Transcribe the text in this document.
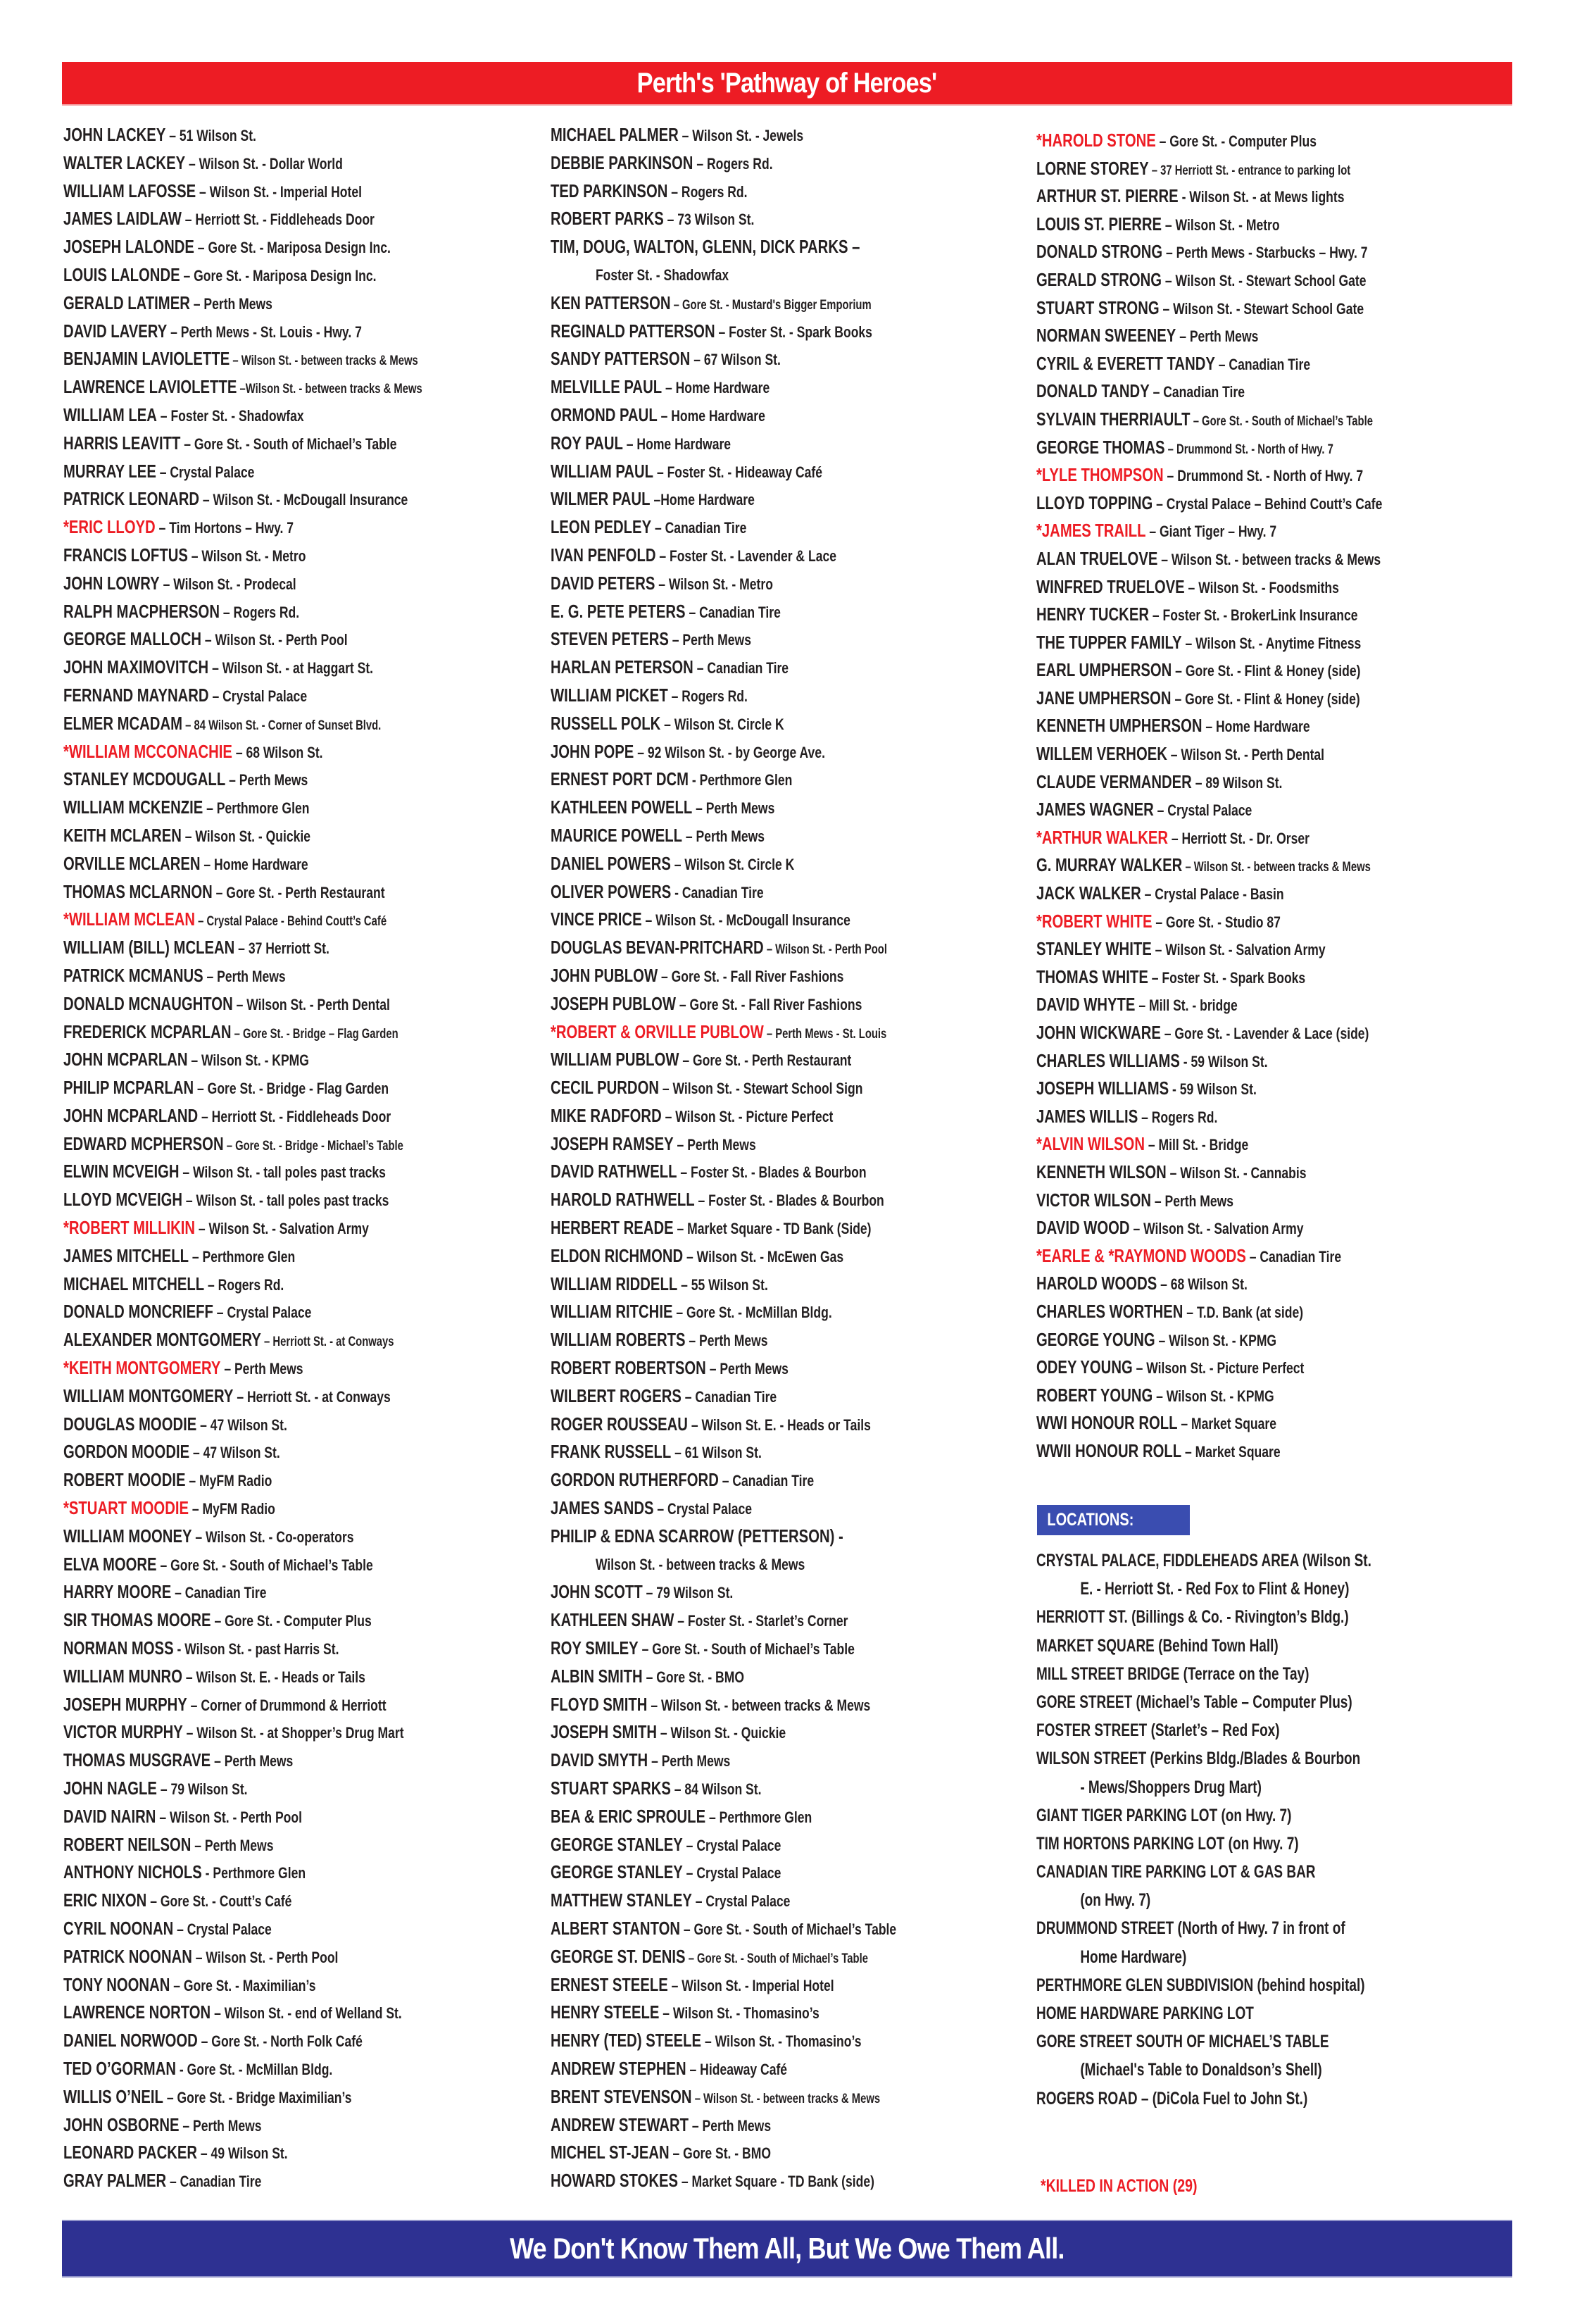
Perth's 'Pathway of Heroes'
JOHN LACKEY – 51 Wilson St.
WALTER LACKEY – Wilson St. - Dollar World
WILLIAM LAFOSSE – Wilson St. - Imperial Hotel
JAMES LAIDLAW – Herriott St. - Fiddleheads Door
JOSEPH LALONDE – Gore St. - Mariposa Design Inc.
LOUIS LALONDE – Gore St. - Mariposa Design Inc.
GERALD LATIMER – Perth Mews
DAVID LAVERY – Perth Mews - St. Louis - Hwy. 7
BENJAMIN LAVIOLETTE – Wilson St. - between tracks & Mews
LAWRENCE LAVIOLETTE –Wilson St. - between tracks & Mews
WILLIAM LEA – Foster St. - Shadowfax
HARRIS LEAVITT – Gore St. - South of Michael’s Table
MURRAY LEE – Crystal Palace
PATRICK LEONARD – Wilson St. - McDougall Insurance
*ERIC LLOYD – Tim Hortons – Hwy. 7
FRANCIS LOFTUS – Wilson St. - Metro
JOHN LOWRY – Wilson St. - Prodecal
RALPH MACPHERSON – Rogers Rd.
GEORGE MALLOCH – Wilson St. - Perth Pool
JOHN MAXIMOVITCH – Wilson St. - at Haggart St.
FERNAND MAYNARD – Crystal Palace
ELMER MCADAM – 84 Wilson St. - Corner of Sunset Blvd.
*WILLIAM MCCONACHIE – 68 Wilson St.
STANLEY MCDOUGALL – Perth Mews
WILLIAM MCKENZIE – Perthmore Glen
KEITH MCLAREN – Wilson St. - Quickie
ORVILLE MCLAREN – Home Hardware
THOMAS MCLARNON – Gore St. - Perth Restaurant
*WILLIAM MCLEAN – Crystal Palace - Behind Coutt’s Café
WILLIAM (BILL) MCLEAN – 37 Herriott St.
PATRICK MCMANUS – Perth Mews
DONALD MCNAUGHTON – Wilson St. - Perth Dental
FREDERICK MCPARLAN – Gore St. - Bridge – Flag Garden
JOHN MCPARLAN – Wilson St. - KPMG
PHILIP MCPARLAN – Gore St. - Bridge - Flag Garden
JOHN MCPARLAND – Herriott St. - Fiddleheads Door
EDWARD MCPHERSON – Gore St. - Bridge - Michael’s Table
ELWIN MCVEIGH – Wilson St. - tall poles past tracks
LLOYD MCVEIGH – Wilson St. - tall poles past tracks
*ROBERT MILLIKIN – Wilson St. - Salvation Army
JAMES MITCHELL – Perthmore Glen
MICHAEL MITCHELL – Rogers Rd.
DONALD MONCRIEFF – Crystal Palace
ALEXANDER MONTGOMERY – Herriott St. - at Conways
*KEITH MONTGOMERY – Perth Mews
WILLIAM MONTGOMERY – Herriott St. - at Conways
DOUGLAS MOODIE – 47 Wilson St.
GORDON MOODIE – 47 Wilson St.
ROBERT MOODIE – MyFM Radio
*STUART MOODIE – MyFM Radio
WILLIAM MOONEY – Wilson St. - Co-operators
ELVA MOORE – Gore St. - South of Michael’s Table
HARRY MOORE – Canadian Tire
SIR THOMAS MOORE – Gore St. - Computer Plus
NORMAN MOSS - Wilson St. - past Harris St.
WILLIAM MUNRO – Wilson St. E. - Heads or Tails
JOSEPH MURPHY – Corner of Drummond & Herriott
VICTOR MURPHY – Wilson St. - at Shopper’s Drug Mart
THOMAS MUSGRAVE – Perth Mews
JOHN NAGLE – 79 Wilson St.
DAVID NAIRN – Wilson St. - Perth Pool
ROBERT NEILSON – Perth Mews
ANTHONY NICHOLS - Perthmore Glen
ERIC NIXON – Gore St. - Coutt’s Café
CYRIL NOONAN – Crystal Palace
PATRICK NOONAN – Wilson St. - Perth Pool
TONY NOONAN – Gore St. - Maximilian’s
LAWRENCE NORTON – Wilson St. - end of Welland St.
DANIEL NORWOOD – Gore St. - North Folk Café
TED O’GORMAN - Gore St. - McMillan Bldg.
WILLIS O’NEIL – Gore St. - Bridge Maximilian’s
JOHN OSBORNE – Perth Mews
LEONARD PACKER – 49 Wilson St.
GRAY PALMER – Canadian Tire
MICHAEL PALMER – Wilson St. - Jewels
DEBBIE PARKINSON – Rogers Rd.
TED PARKINSON – Rogers Rd.
ROBERT PARKS – 73 Wilson St.
TIM, DOUG, WALTON, GLENN, DICK PARKS –
Foster St. - Shadowfax
KEN PATTERSON – Gore St. - Mustard's Bigger Emporium
REGINALD PATTERSON – Foster St. - Spark Books
SANDY PATTERSON – 67 Wilson St.
MELVILLE PAUL – Home Hardware
ORMOND PAUL – Home Hardware
ROY PAUL – Home Hardware
WILLIAM PAUL – Foster St. - Hideaway Café
WILMER PAUL –Home Hardware
LEON PEDLEY – Canadian Tire
IVAN PENFOLD – Foster St. - Lavender & Lace
DAVID PETERS – Wilson St. - Metro
E. G. PETE PETERS – Canadian Tire
STEVEN PETERS – Perth Mews
HARLAN PETERSON – Canadian Tire
WILLIAM PICKET – Rogers Rd.
RUSSELL POLK – Wilson St. Circle K
JOHN POPE – 92 Wilson St. - by George Ave.
ERNEST PORT DCM - Perthmore Glen
KATHLEEN POWELL – Perth Mews
MAURICE POWELL – Perth Mews
DANIEL POWERS – Wilson St. Circle K
OLIVER POWERS - Canadian Tire
VINCE PRICE – Wilson St. - McDougall Insurance
DOUGLAS BEVAN-PRITCHARD – Wilson St. - Perth Pool
JOHN PUBLOW – Gore St. - Fall River Fashions
JOSEPH PUBLOW – Gore St. - Fall River Fashions
*ROBERT & ORVILLE PUBLOW – Perth Mews - St. Louis
WILLIAM PUBLOW – Gore St. - Perth Restaurant
CECIL PURDON – Wilson St. - Stewart School Sign
MIKE RADFORD – Wilson St. - Picture Perfect
JOSEPH RAMSEY – Perth Mews
DAVID RATHWELL – Foster St. - Blades & Bourbon
HAROLD RATHWELL – Foster St. - Blades & Bourbon
HERBERT READE – Market Square - TD Bank (Side)
ELDON RICHMOND – Wilson St. - McEwen Gas
WILLIAM RIDDELL – 55 Wilson St.
WILLIAM RITCHIE – Gore St. - McMillan Bldg.
WILLIAM ROBERTS – Perth Mews
ROBERT ROBERTSON – Perth Mews
WILBERT ROGERS – Canadian Tire
ROGER ROUSSEAU – Wilson St. E. - Heads or Tails
FRANK RUSSELL – 61 Wilson St.
GORDON RUTHERFORD – Canadian Tire
JAMES SANDS – Crystal Palace
PHILIP & EDNA SCARROW (PETTERSON) -
Wilson St. - between tracks & Mews
JOHN SCOTT – 79 Wilson St.
KATHLEEN SHAW – Foster St. - Starlet’s Corner
ROY SMILEY – Gore St. - South of Michael’s Table
ALBIN SMITH – Gore St. - BMO
FLOYD SMITH – Wilson St. - between tracks & Mews
JOSEPH SMITH – Wilson St. - Quickie
DAVID SMYTH – Perth Mews
STUART SPARKS – 84 Wilson St.
BEA & ERIC SPROULE – Perthmore Glen
GEORGE STANLEY – Crystal Palace
GEORGE STANLEY – Crystal Palace
MATTHEW STANLEY – Crystal Palace
ALBERT STANTON – Gore St. - South of Michael’s Table
GEORGE ST. DENIS – Gore St. - South of Michael’s Table
ERNEST STEELE – Wilson St. - Imperial Hotel
HENRY STEELE – Wilson St. - Thomasino’s
HENRY (TED) STEELE – Wilson St. - Thomasino’s
ANDREW STEPHEN – Hideaway Café
BRENT STEVENSON – Wilson St. - between tracks & Mews
ANDREW STEWART – Perth Mews
MICHEL ST-JEAN – Gore St. - BMO
HOWARD STOKES – Market Square - TD Bank (side)
*HAROLD STONE – Gore St. - Computer Plus
LORNE STOREY – 37 Herriott St. - entrance to parking lot
ARTHUR ST. PIERRE - Wilson St. - at Mews lights
LOUIS ST. PIERRE – Wilson St. - Metro
DONALD STRONG – Perth Mews - Starbucks – Hwy. 7
GERALD STRONG – Wilson St. - Stewart School Gate
STUART STRONG – Wilson St. - Stewart School Gate
NORMAN SWEENEY – Perth Mews
CYRIL & EVERETT TANDY – Canadian Tire
DONALD TANDY – Canadian Tire
SYLVAIN THERRIAULT – Gore St. - South of Michael’s Table
GEORGE THOMAS – Drummond St. - North of Hwy. 7
*LYLE THOMPSON – Drummond St. - North of Hwy. 7
LLOYD TOPPING – Crystal Palace – Behind Coutt’s Cafe
*JAMES TRAILL – Giant Tiger – Hwy. 7
ALAN TRUELOVE – Wilson St. - between tracks & Mews
WINFRED TRUELOVE – Wilson St. - Foodsmiths
HENRY TUCKER – Foster St. - BrokerLink Insurance
THE TUPPER FAMILY – Wilson St. - Anytime Fitness
EARL UMPHERSON – Gore St. - Flint & Honey (side)
JANE UMPHERSON – Gore St. - Flint & Honey (side)
KENNETH UMPHERSON – Home Hardware
WILLEM VERHOEK – Wilson St. - Perth Dental
CLAUDE VERMANDER – 89 Wilson St.
JAMES WAGNER – Crystal Palace
*ARTHUR WALKER – Herriott St. - Dr. Orser
G. MURRAY WALKER – Wilson St. - between tracks & Mews
JACK WALKER – Crystal Palace - Basin
*ROBERT WHITE – Gore St. - Studio 87
STANLEY WHITE – Wilson St. - Salvation Army
THOMAS WHITE – Foster St. - Spark Books
DAVID WHYTE – Mill St. - bridge
JOHN WICKWARE – Gore St. - Lavender & Lace (side)
CHARLES WILLIAMS - 59 Wilson St.
JOSEPH WILLIAMS - 59 Wilson St.
JAMES WILLIS – Rogers Rd.
*ALVIN WILSON – Mill St. - Bridge
KENNETH WILSON – Wilson St. - Cannabis
VICTOR WILSON – Perth Mews
DAVID WOOD – Wilson St. - Salvation Army
*EARLE & *RAYMOND WOODS – Canadian Tire
HAROLD WOODS – 68 Wilson St.
CHARLES WORTHEN – T.D. Bank (at side)
GEORGE YOUNG – Wilson St. - KPMG
ODEY YOUNG – Wilson St. - Picture Perfect
ROBERT YOUNG – Wilson St. - KPMG
WWI HONOUR ROLL – Market Square
WWII HONOUR ROLL – Market Square
LOCATIONS:
CRYSTAL PALACE, FIDDLEHEADS AREA (Wilson St.
E. - Herriott St. - Red Fox to Flint & Honey)
HERRIOTT ST. (Billings & Co. - Rivington’s Bldg.)
MARKET SQUARE (Behind Town Hall)
MILL STREET BRIDGE (Terrace on the Tay)
GORE STREET (Michael’s Table – Computer Plus)
FOSTER STREET (Starlet’s – Red Fox)
WILSON STREET (Perkins Bldg./Blades & Bourbon
- Mews/Shoppers Drug Mart)
GIANT TIGER PARKING LOT (on Hwy. 7)
TIM HORTONS PARKING LOT (on Hwy. 7)
CANADIAN TIRE PARKING LOT & GAS BAR
(on Hwy. 7)
DRUMMOND STREET (North of Hwy. 7 in front of
Home Hardware)
PERTHMORE GLEN SUBDIVISION (behind hospital)
HOME HARDWARE PARKING LOT
GORE STREET SOUTH OF MICHAEL’S TABLE
(Michael's Table to Donaldson’s Shell)
ROGERS ROAD – (DiCola Fuel to John St.)
*KILLED IN ACTION (29)
We Don't Know Them All, But We Owe Them All.
